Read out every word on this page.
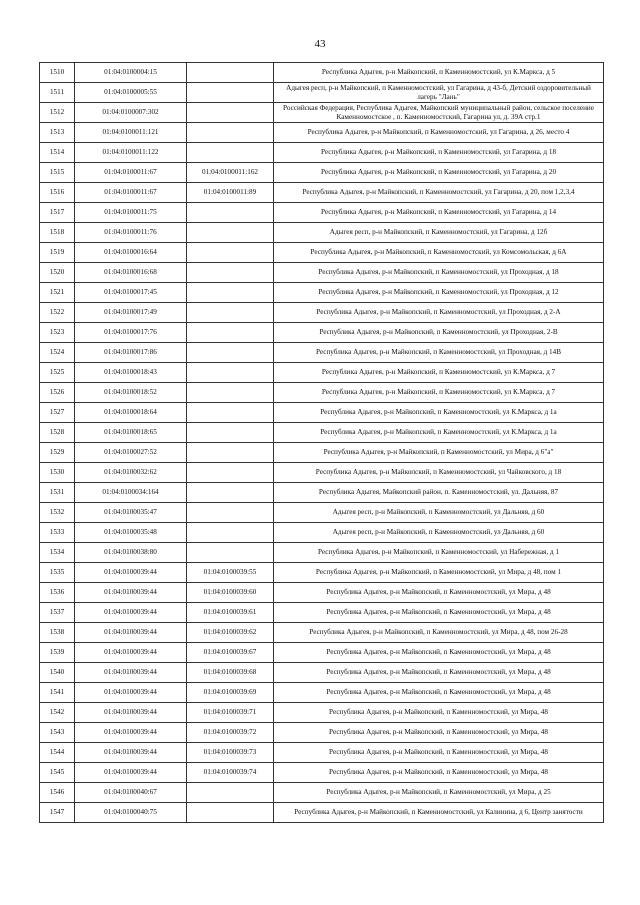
43
1510	01:04:0100004:15		Республика Адыгея, р-н Майкопский, п Каменномостский, ул К.Маркса, д 5
1511	01:04:0100005:55		Адыгея респ, р-н Майкопский, п Каменномостский, ул Гагарина, д 43-б, Детский оздоровительный лагерь "Лань"
1512	01:04:0100007:302		Российская Федерация, Республика Адыгея, Майкопский муниципальный район, сельское поселение Каменномостское , п. Каменномостский, Гагарина ул, д. 39А стр.1
1513	01:04:0100011:121		Республика Адыгея, р-н Майкопский, п Каменномостский, ул Гагарина, д 26, место 4
1514	01:04:0100011:122		Республика Адыгея, р-н Майкопский, п Каменномостский, ул Гагарина, д 18
1515	01:04:0100011:67	01:04:0100011:162	Республика Адыгея, р-н Майкопский, п Каменномостский, ул Гагарина, д 20
1516	01:04:0100011:67	01:04:0100011:89	Республика Адыгея, р-н Майкопский, п Каменномостский, ул Гагарина, д 20, пом 1,2,3,4
1517	01:04:0100011:75		Республика Адыгея, р-н Майкопский, п Каменномостский, ул Гагарина, д 14
1518	01:04:0100011:76		Адыгея респ, р-н Майкопский, п Каменномостский, ул Гагарина, д 12б
1519	01:04:0100016:64		Республика Адыгея, р-н Майкопский, п Каменномостский, ул Комсомольская, д 6А
1520	01:04:0100016:68		Республика Адыгея, р-н Майкопский, п Каменномостский, ул Проходная, д 18
1521	01:04:0100017:45		Республика Адыгея, р-н Майкопский, п Каменномостский, ул Проходная, д 12
1522	01:04:0100017:49		Республика Адыгея, р-н Майкопский, п Каменномостский, ул Проходная, д 2-А
1523	01:04:0100017:76		Республика Адыгея, р-н Майкопский, п Каменномостский, ул Проходная, 2-В
1524	01:04:0100017:86		Республика Адыгея, р-н Майкопский, п Каменномостский, ул Проходная, д 14В
1525	01:04:0100018:43		Республика Адыгея, р-н Майкопский, п Каменномостский, ул К.Маркса, д 7
1526	01:04:0100018:52		Республика Адыгея, р-н Майкопский, п Каменномостский, ул К.Маркса, д 7
1527	01:04:0100018:64		Республика Адыгея, р-н Майкопский, п Каменномостский, ул К.Маркса, д 1а
1528	01:04:0100018:65		Республика Адыгея, р-н Майкопский, п Каменномостский, ул К.Маркса, д 1а
1529	01:04:0100027:52		Республика Адыгея, р-н Майкопский, п Каменномостский, ул Мира, д 6"а"
1530	01:04:0100032:62		Республика Адыгея, р-н Майкопский, п Каменномостский, ул Чайковского, д 18
1531	01:04:0100034:164		Республика Адыгея, Майкопский район, п. Каменномостский, ул. Дальняя, 87
1532	01:04:0100035:47		Адыгея респ, р-н Майкопский, п Каменномостский, ул Дальняя, д 60
1533	01:04:0100035:48		Адыгея респ, р-н Майкопский, п Каменномостский, ул Дальняя, д 60
1534	01:04:0100038:80		Республика Адыгея, р-н Майкопский, п Каменномостский, ул Набережная, д 1
1535	01:04:0100039:44	01:04:0100039:55	Республика Адыгея, р-н Майкопский, п Каменномостский, ул Мира, д 48, пом 1
1536	01:04:0100039:44	01:04:0100039:60	Республика Адыгея, р-н Майкопский, п Каменномостский, ул Мира, д 48
1537	01:04:0100039:44	01:04:0100039:61	Республика Адыгея, р-н Майкопский, п Каменномостский, ул Мира, д 48
1538	01:04:0100039:44	01:04:0100039:62	Республика Адыгея, р-н Майкопский, п Каменномостский, ул Мира, д 48, пом 26-28
1539	01:04:0100039:44	01:04:0100039:67	Республика Адыгея, р-н Майкопский, п Каменномостский, ул Мира, д 48
1540	01:04:0100039:44	01:04:0100039:68	Республика Адыгея, р-н Майкопский, п Каменномостский, ул Мира, д 48
1541	01:04:0100039:44	01:04:0100039:69	Республика Адыгея, р-н Майкопский, п Каменномостский, ул Мира, д 48
1542	01:04:0100039:44	01:04:0100039:71	Республика Адыгея, р-н Майкопский, п Каменномостский, ул Мира, 48
1543	01:04:0100039:44	01:04:0100039:72	Республика Адыгея, р-н Майкопский, п Каменномостский, ул Мира, 48
1544	01:04:0100039:44	01:04:0100039:73	Республика Адыгея, р-н Майкопский, п Каменномостский, ул Мира, 48
1545	01:04:0100039:44	01:04:0100039:74	Республика Адыгея, р-н Майкопский, п Каменномостский, ул Мира, 48
1546	01:04:0100040:67		Республика Адыгея, р-н Майкопский, п Каменномостский, ул Мира, д 25
1547	01:04:0100040:75		Республика Адыгея, р-н Майкопский, п Каменномостский, ул Калинина, д 6, Центр занятости
